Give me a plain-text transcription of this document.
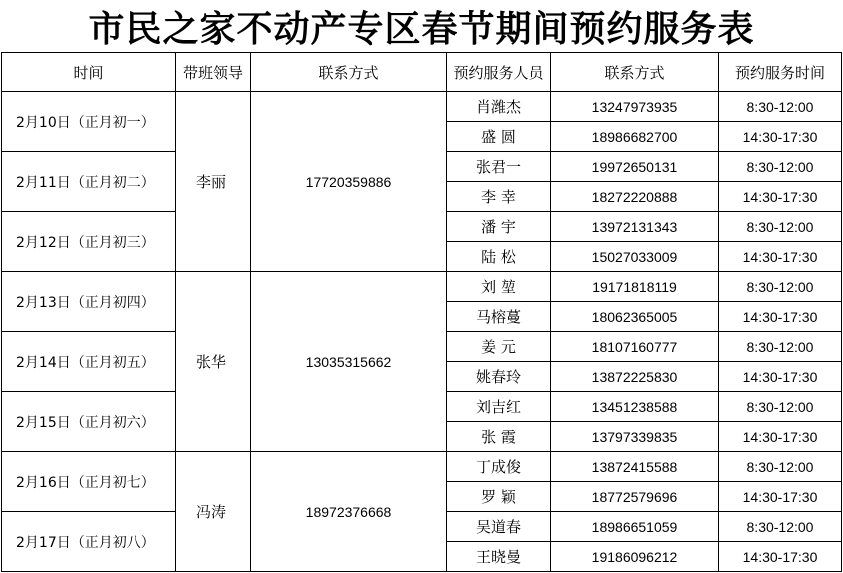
市民之家不动产专区春节期间预约服务表
时间	带班领导	联系方式	预约服务人员	联系方式	预约服务时间
2月10日（正月初一）	李丽	17720359886	肖潍杰	13247973935	8:30-12:00
			盛 圆	18986682700	14:30-17:30
2月11日（正月初二）			张君一	19972650131	8:30-12:00
			李 幸	18272220888	14:30-17:30
2月12日（正月初三）			潘 宇	13972131343	8:30-12:00
			陆 松	15027033009	14:30-17:30
2月13日（正月初四）	张华	13035315662	刘 堃	19171818119	8:30-12:00
			马榕蔓	18062365005	14:30-17:30
2月14日（正月初五）			姜 元	18107160777	8:30-12:00
			姚春玲	13872225830	14:30-17:30
2月15日（正月初六）			刘吉红	13451238588	8:30-12:00
			张 霞	13797339835	14:30-17:30
2月16日（正月初七）	冯涛	18972376668	丁成俊	13872415588	8:30-12:00
			罗 颖	18772579696	14:30-17:30
2月17日（正月初八）			吴道春	18986651059	8:30-12:00
			王晓曼	19186096212	14:30-17:30
